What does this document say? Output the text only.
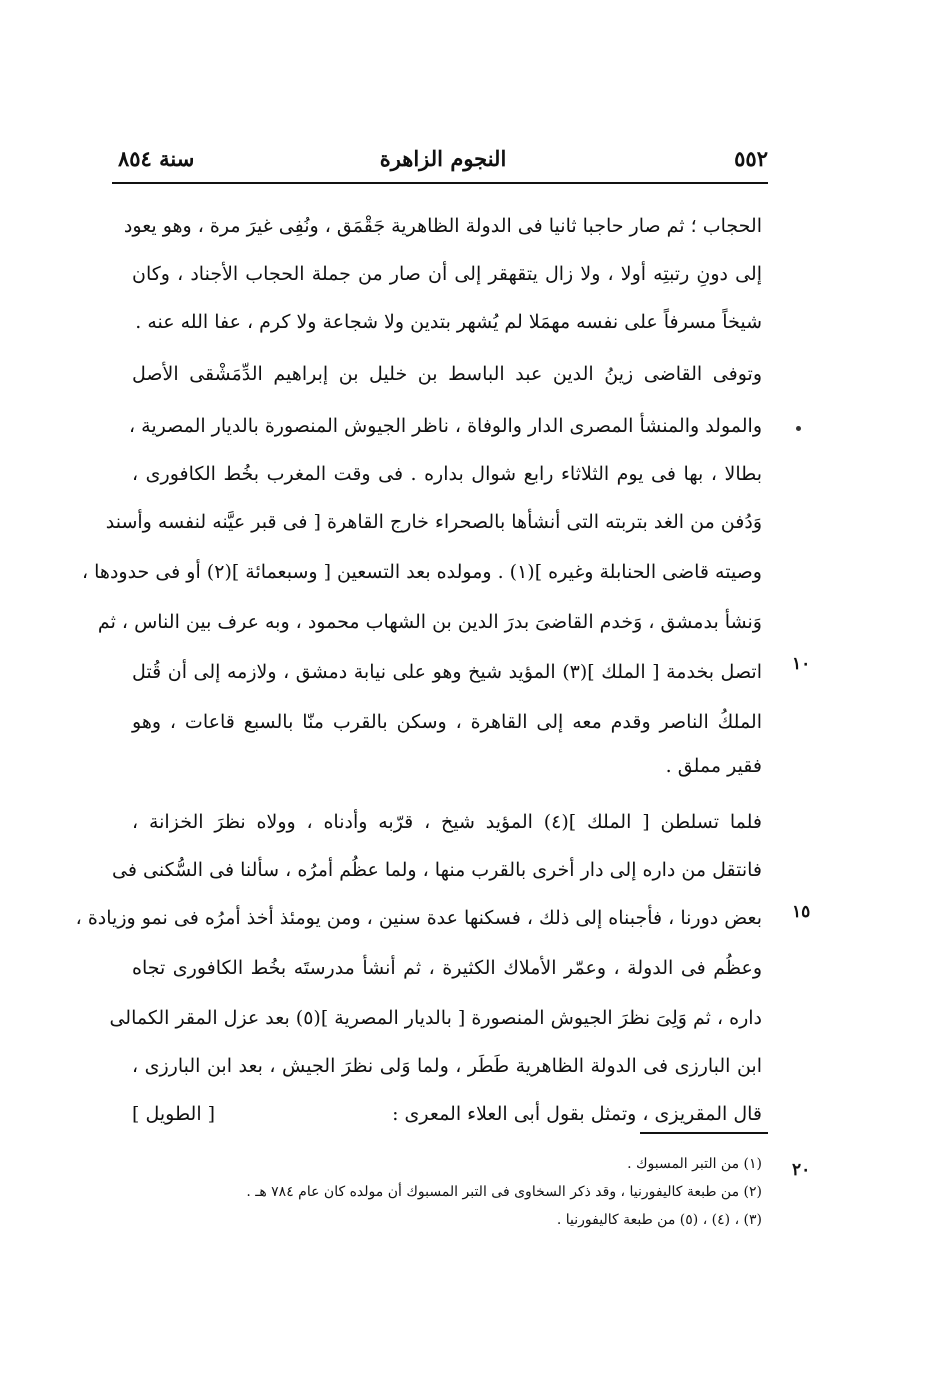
٥٥٢
النجوم الزاهرة
سنة ٨٥٤
الحجاب ؛ ثم صار حاجبا ثانيا فى الدولة الظاهرية جَقْمَق ، ونُفِى غيرَ مرة ، وهو يعود
إلى دونِ رتبتِه أولا ، ولا زال يتقهقر إلى أن صار من جملة الحجاب الأجناد ، وكان
شيخاً مسرفاً على نفسه مهمَلا لم يُشهر بتدين ولا شجاعة ولا كرم ، عفا الله عنه .
وتوفى القاضى زينُ الدين عبد الباسط بن خليل بن إبراهيم الدِّمَشْقى الأصل
والمولد والمنشأ المصرى الدار والوفاة ، ناظر الجيوش المنصورة بالديار المصرية ،
بطالا ، بها فى يوم الثلاثاء رابع شوال بداره . فى وقت المغرب بخُط الكافورى ،
وَدُفن من الغد بتربته التى أنشأها بالصحراء خارج القاهرة [ فى قبر عيَّنه لنفسه وأسند
وصيته قاضى الحنابلة وغيره ](١) . ومولده بعد التسعين [ وسبعمائة ](٢) أو فى حدودها ،
وَنشأ بدمشق ، وَخدم القاضىَ بدرَ الدين بن الشهاب محمود ، وبه عرف بين الناس ، ثم
اتصل بخدمة [ الملك ](٣) المؤيد شيخ وهو على نيابة دمشق ، ولازمه إلى أن قُتل
الملكُ الناصر وقدم معه إلى القاهرة ، وسكن بالقرب منّا بالسبع قاعات ، وهو
فقير مملق .
فلما تسلطن [ الملك ](٤) المؤيد شيخ ، قرّبه وأدناه ، وولاه نظرَ الخزانة ،
فانتقل من داره إلى دار أخرى بالقرب منها ، ولما عظُم أمرُه ، سألنا فى السُّكنى فى
بعض دورنا ، فأجبناه إلى ذلك ، فسكنها عدة سنين ، ومن يومئذ أخذ أمرُه فى نمو وزيادة ،
وعظُم فى الدولة ، وعمّر الأملاك الكثيرة ، ثم أنشأ مدرستَه بخُط الكافورى تجاه
داره ، ثم وَلِىَ نظرَ الجيوش المنصورة [ بالديار المصرية ](٥) بعد عزل المقر الكمالى
ابن البارزى فى الدولة الظاهرية طَطَر ، ولما وَلى نظرَ الجيش ، بعد ابن البارزى ،
قال المقريزى ، وتمثل بقول أبى العلاء المعرى :
[ الطويل ]
١٠
١٥
٢٠
(١) من التبر المسبوك .
(٢) من طبعة كاليفورنيا ، وقد ذكر السخاوى فى التبر المسبوك أن مولده كان عام ٧٨٤ هـ .
(٣) ، (٤) ، (٥) من طبعة كاليفورنيا .
